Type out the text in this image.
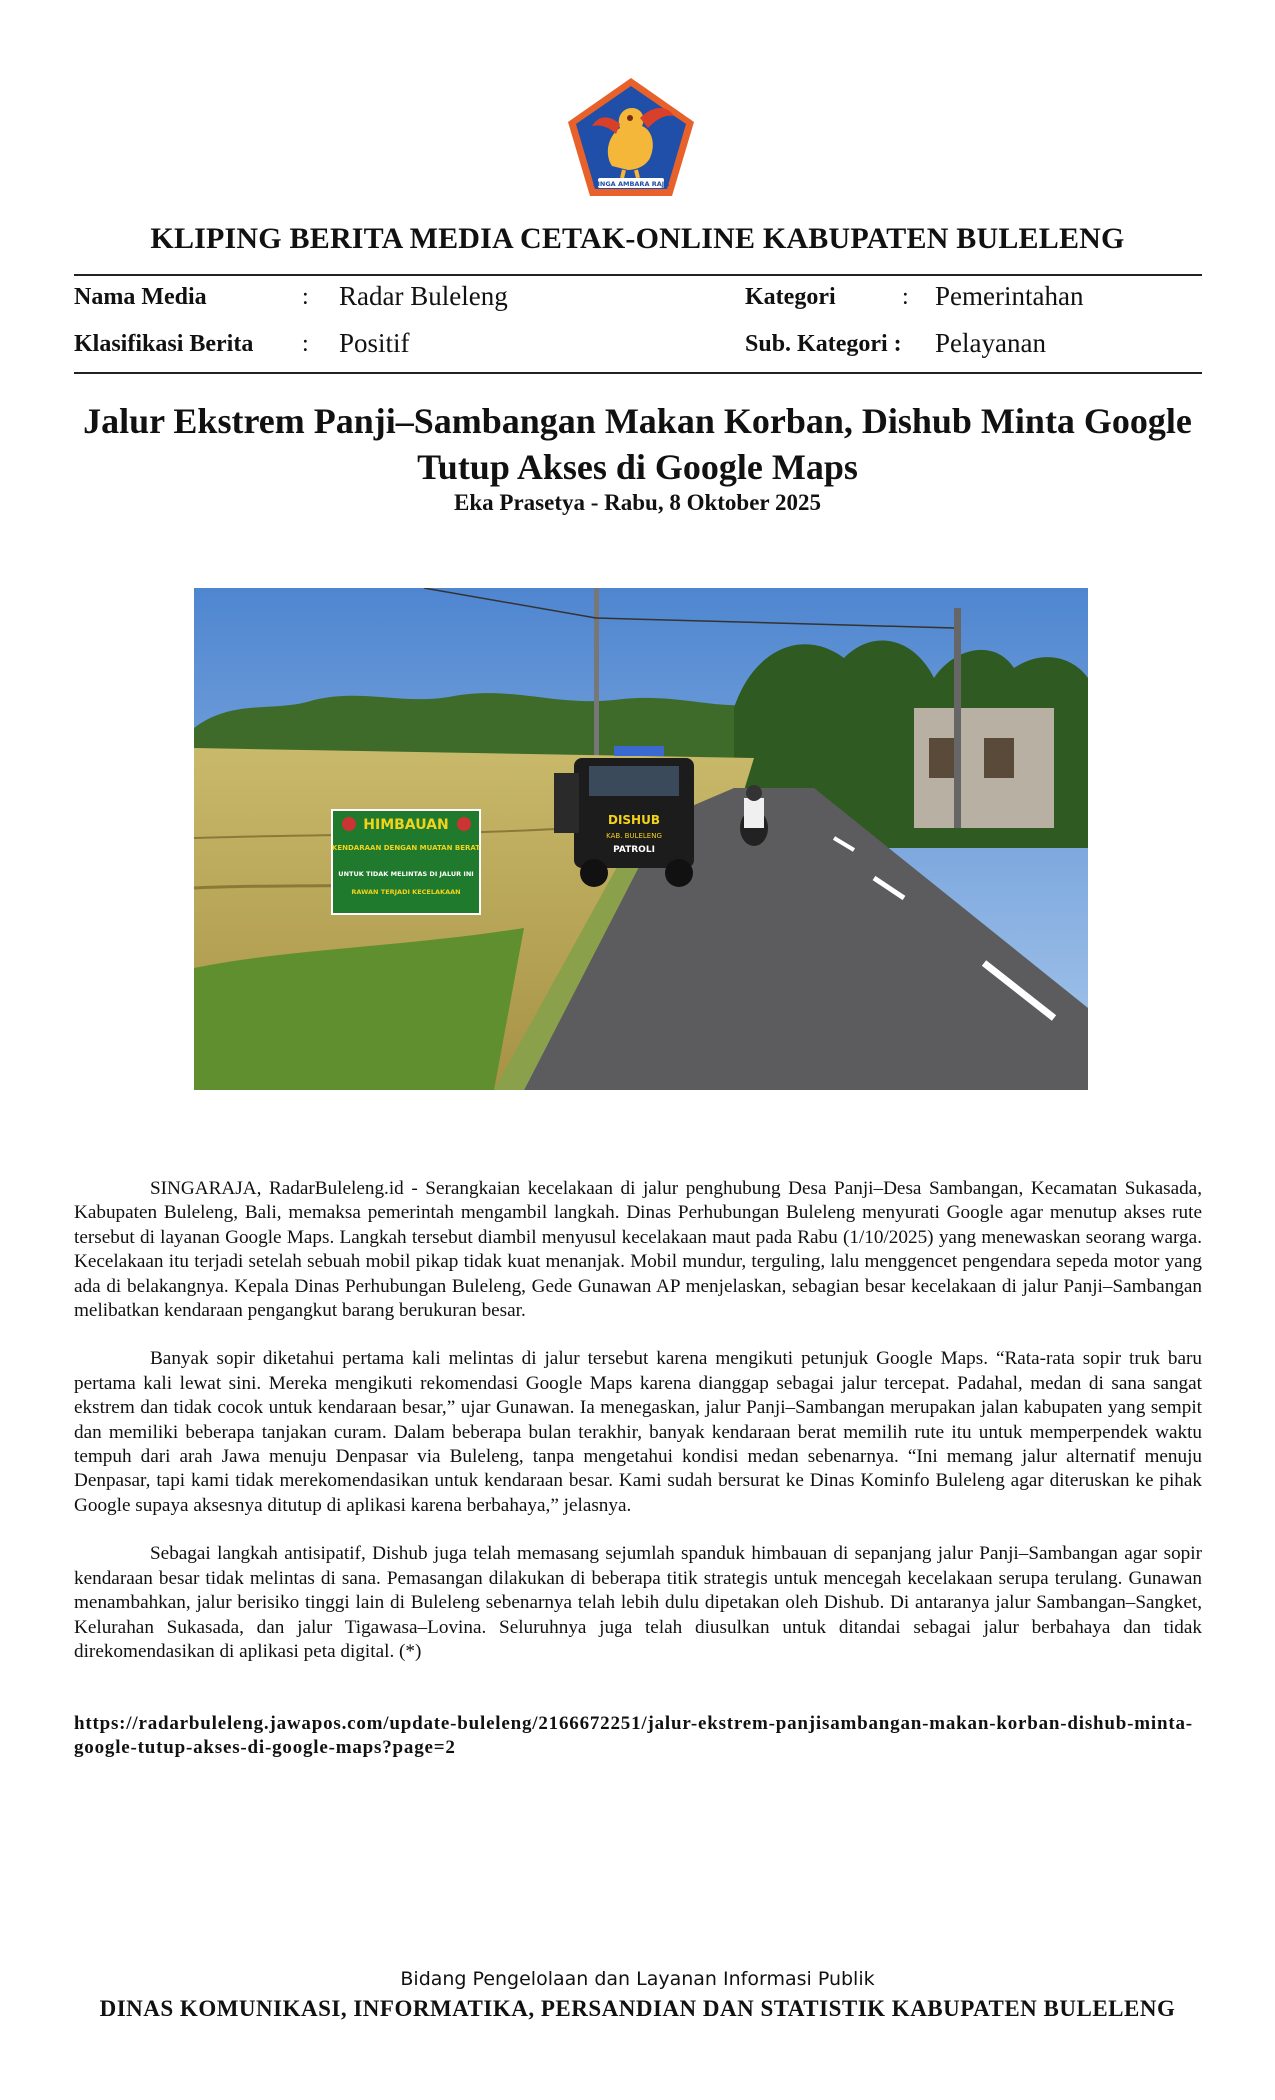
SINGA AMBARA RAJA
KLIPING BERITA MEDIA CETAK-ONLINE KABUPATEN BULELENG
Nama Media	: Radar Buleleng	Kategori	: Pemerintahan
Klasifikasi Berita : Positif	Sub. Kategori : Pelayanan
Jalur Ekstrem Panji–Sambangan Makan Korban, Dishub Minta Google Tutup Akses di Google Maps
Eka Prasetya - Rabu, 8 Oktober 2025
DISHUB
KAB. BULELENG
PATROLI
HIMBAUAN
KENDARAAN DENGAN MUATAN BERAT
UNTUK TIDAK MELINTAS DI JALUR INI
RAWAN TERJADI KECELAKAAN

SINGARAJA, RadarBuleleng.id - Serangkaian kecelakaan di jalur penghubung Desa Panji–Desa Sambangan, Kecamatan Sukasada, Kabupaten Buleleng, Bali, memaksa pemerintah mengambil langkah. Dinas Perhubungan Buleleng menyurati Google agar menutup akses rute tersebut di layanan Google Maps. Langkah tersebut diambil menyusul kecelakaan maut pada Rabu (1/10/2025) yang menewaskan seorang warga. Kecelakaan itu terjadi setelah sebuah mobil pikap tidak kuat menanjak. Mobil mundur, terguling, lalu menggencet pengendara sepeda motor yang ada di belakangnya. Kepala Dinas Perhubungan Buleleng, Gede Gunawan AP menjelaskan, sebagian besar kecelakaan di jalur Panji–Sambangan melibatkan kendaraan pengangkut barang berukuran besar.

Banyak sopir diketahui pertama kali melintas di jalur tersebut karena mengikuti petunjuk Google Maps. “Rata-rata sopir truk baru pertama kali lewat sini. Mereka mengikuti rekomendasi Google Maps karena dianggap sebagai jalur tercepat. Padahal, medan di sana sangat ekstrem dan tidak cocok untuk kendaraan besar,” ujar Gunawan. Ia menegaskan, jalur Panji–Sambangan merupakan jalan kabupaten yang sempit dan memiliki beberapa tanjakan curam. Dalam beberapa bulan terakhir, banyak kendaraan berat memilih rute itu untuk memperpendek waktu tempuh dari arah Jawa menuju Denpasar via Buleleng, tanpa mengetahui kondisi medan sebenarnya. “Ini memang jalur alternatif menuju Denpasar, tapi kami tidak merekomendasikan untuk kendaraan besar. Kami sudah bersurat ke Dinas Kominfo Buleleng agar diteruskan ke pihak Google supaya aksesnya ditutup di aplikasi karena berbahaya,” jelasnya.

Sebagai langkah antisipatif, Dishub juga telah memasang sejumlah spanduk himbauan di sepanjang jalur Panji–Sambangan agar sopir kendaraan besar tidak melintas di sana. Pemasangan dilakukan di beberapa titik strategis untuk mencegah kecelakaan serupa terulang. Gunawan menambahkan, jalur berisiko tinggi lain di Buleleng sebenarnya telah lebih dulu dipetakan oleh Dishub. Di antaranya jalur Sambangan–Sangket, Kelurahan Sukasada, dan jalur Tigawasa–Lovina. Seluruhnya juga telah diusulkan untuk ditandai sebagai jalur berbahaya dan tidak direkomendasikan di aplikasi peta digital. (*)

https://radarbuleleng.jawapos.com/update-buleleng/2166672251/jalur-ekstrem-panjisambangan-makan-korban-dishub-minta-google-tutup-akses-di-google-maps?page=2
Bidang Pengelolaan dan Layanan Informasi Publik
DINAS KOMUNIKASI, INFORMATIKA, PERSANDIAN DAN STATISTIK KABUPATEN BULELENG
